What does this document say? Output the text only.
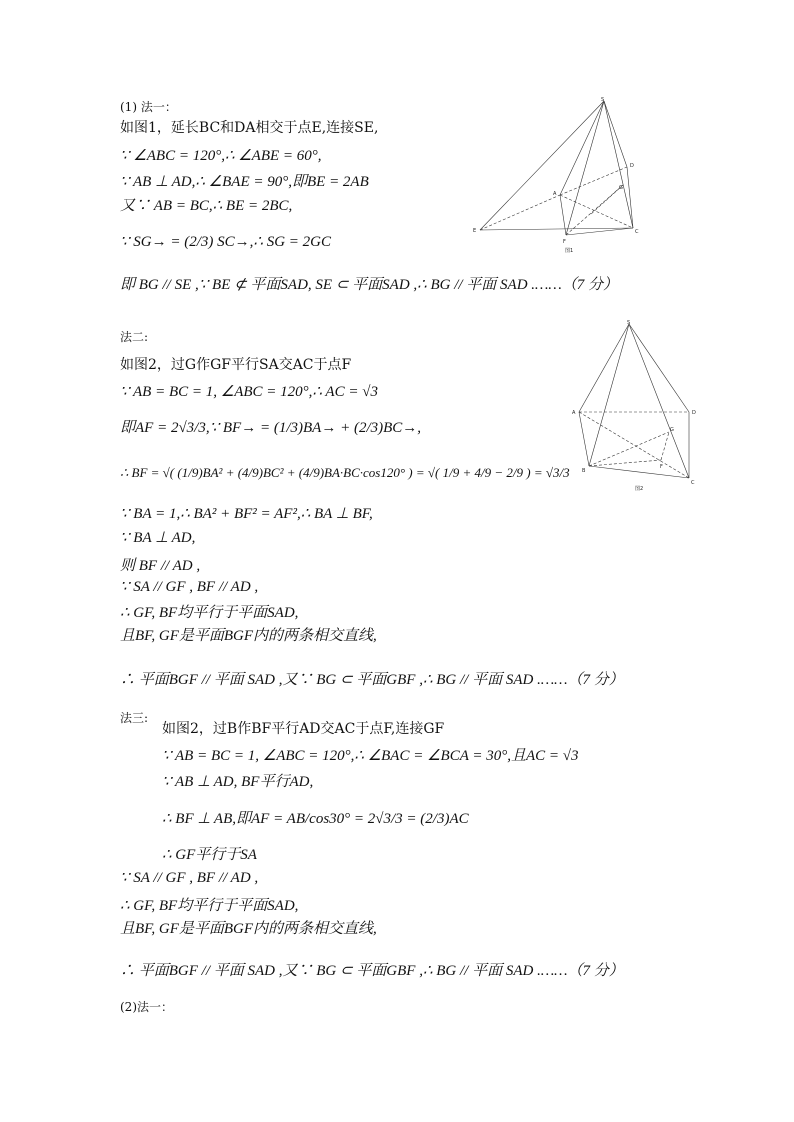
S
D
G
A
E
F
C
图1
S
A	D
G
B
F
C
图2
(1) 法一：
如图1，延长BC和DA相交于点E,连接SE,
∵ ∠ABC = 120°,∴ ∠ABE = 60°,
∵ AB ⊥ AD,∴ ∠BAE = 90°,即BE = 2AB
又∵ AB = BC,∴ BE = 2BC,
∵ SG→ = (2/3) SC→,∴ SG = 2GC
即 BG // SE ,∵ BE ⊄ 平面SAD, SE ⊂ 平面SAD ,∴ BG // 平面 SAD .……（7 分）
法二:
如图2，过G作GF平行SA交AC于点F
∵ AB = BC = 1, ∠ABC = 120°,∴ AC = √3
即AF = 2√3/3,∵ BF→ = (1/3)BA→ + (2/3)BC→,
∴ BF = √( (1/9)BA² + (4/9)BC² + (4/9)BA·BC·cos120° ) = √( 1/9 + 4/9 − 2/9 ) = √3/3
∵ BA = 1,∴ BA² + BF² = AF²,∴ BA ⊥ BF,
∵ BA ⊥ AD,
则 BF // AD ,
∵ SA // GF , BF // AD ,
∴ GF, BF均平行于平面SAD,
且BF, GF是平面BGF内的两条相交直线,
∴ 平面BGF // 平面 SAD ,又∵ BG ⊂ 平面GBF ,∴ BG // 平面 SAD .……（7 分）
法三:
如图2，过B作BF平行AD交AC于点F,连接GF
∵ AB = BC = 1, ∠ABC = 120°,∴ ∠BAC = ∠BCA = 30°,且AC = √3
∵ AB ⊥ AD, BF平行AD,
∴ BF ⊥ AB,即AF = AB/cos30° = 2√3/3 = (2/3)AC
∴ GF平行于SA
∵ SA // GF , BF // AD ,
∴ GF, BF均平行于平面SAD,
且BF, GF是平面BGF内的两条相交直线,
∴ 平面BGF // 平面 SAD ,又∵ BG ⊂ 平面GBF ,∴ BG // 平面 SAD .……（7 分）
(2)法一：
